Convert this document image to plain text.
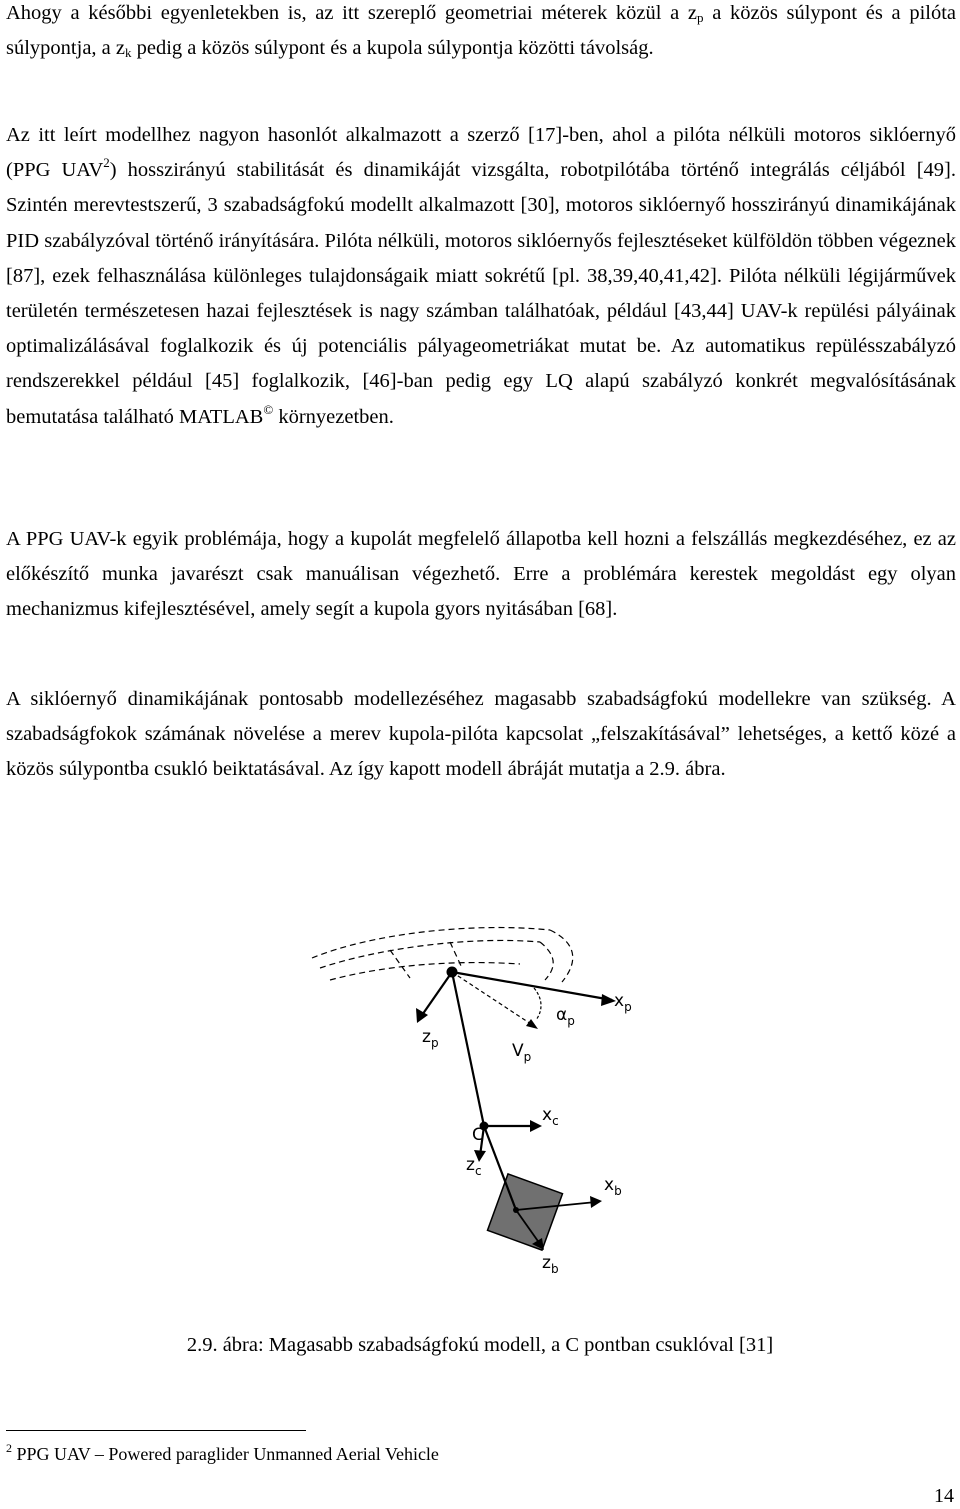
Ahogy a későbbi egyenletekben is, az itt szereplő geometriai méterek közül a $z_p$ a közös súlypont és a pilóta súlypontja, a $z_k$ pedig a közös súlypont és a kupola súlypontja közötti távolság.

Az itt leírt modellhez nagyon hasonlót alkalmazott a szerző [17]-ben, ahol a pilóta nélküli motoros siklóernyő (PPG UAV$^2$) hosszirányú stabilitását és dinamikáját vizsgálta, robotpilótába történő integrálás céljából [49]. Szintén merevtestszerű, 3 szabadságfokú modellt alkalmazott [30], motoros siklóernyő hosszirányú dinamikájának PID szabályzóval történő irányítására. Pilóta nélküli, motoros siklóernyős fejlesztéseket külföldön többen végeznek [87], ezek felhasználása különleges tulajdonságaik miatt sokrétű [pl. 38,39,40,41,42]. Pilóta nélküli légijárművek területén természetesen hazai fejlesztések is nagy számban találhatóak, például [43,44] UAV-k repülési pályáinak optimalizálásával foglalkozik és új potenciális pályageometriákat mutat be. Az automatikus repülésszabályzó rendszerekkel például [45] foglalkozik, [46]-ban pedig egy LQ alapú szabályzó konkrét megvalósításának bemutatása található MATLAB© környezetben.

A PPG UAV-k egyik problémája, hogy a kupolát megfelelő állapotba kell hozni a felszállás megkezdéséhez, ez az előkészítő munka javarészt csak manuálisan végezhető. Erre a problémára kerestek megoldást egy olyan mechanizmus kifejlesztésével, amely segít a kupola gyors nyitásában [68].

A siklóernyő dinamikájának pontosabb modellezéséhez magasabb szabadságfokú modellekre van szükség. A szabadságfokok számának növelése a merev kupola-pilóta kapcsolat „felszakításával” lehetséges, a kettő közé a közös súlypontba csukló beiktatásával. Az így kapott modell ábráját mutatja a 2.9. ábra.

$x_p$
$z_p$
$\alpha_p$
$V_p$
C
$x_c$
$z_c$
$x_b$
$z_b$

2.9. ábra: Magasabb szabadságfokú modell, a C pontban csuklóval [31]

$^2$ PPG UAV – Powered paraglider Unmanned Aerial Vehicle

14
